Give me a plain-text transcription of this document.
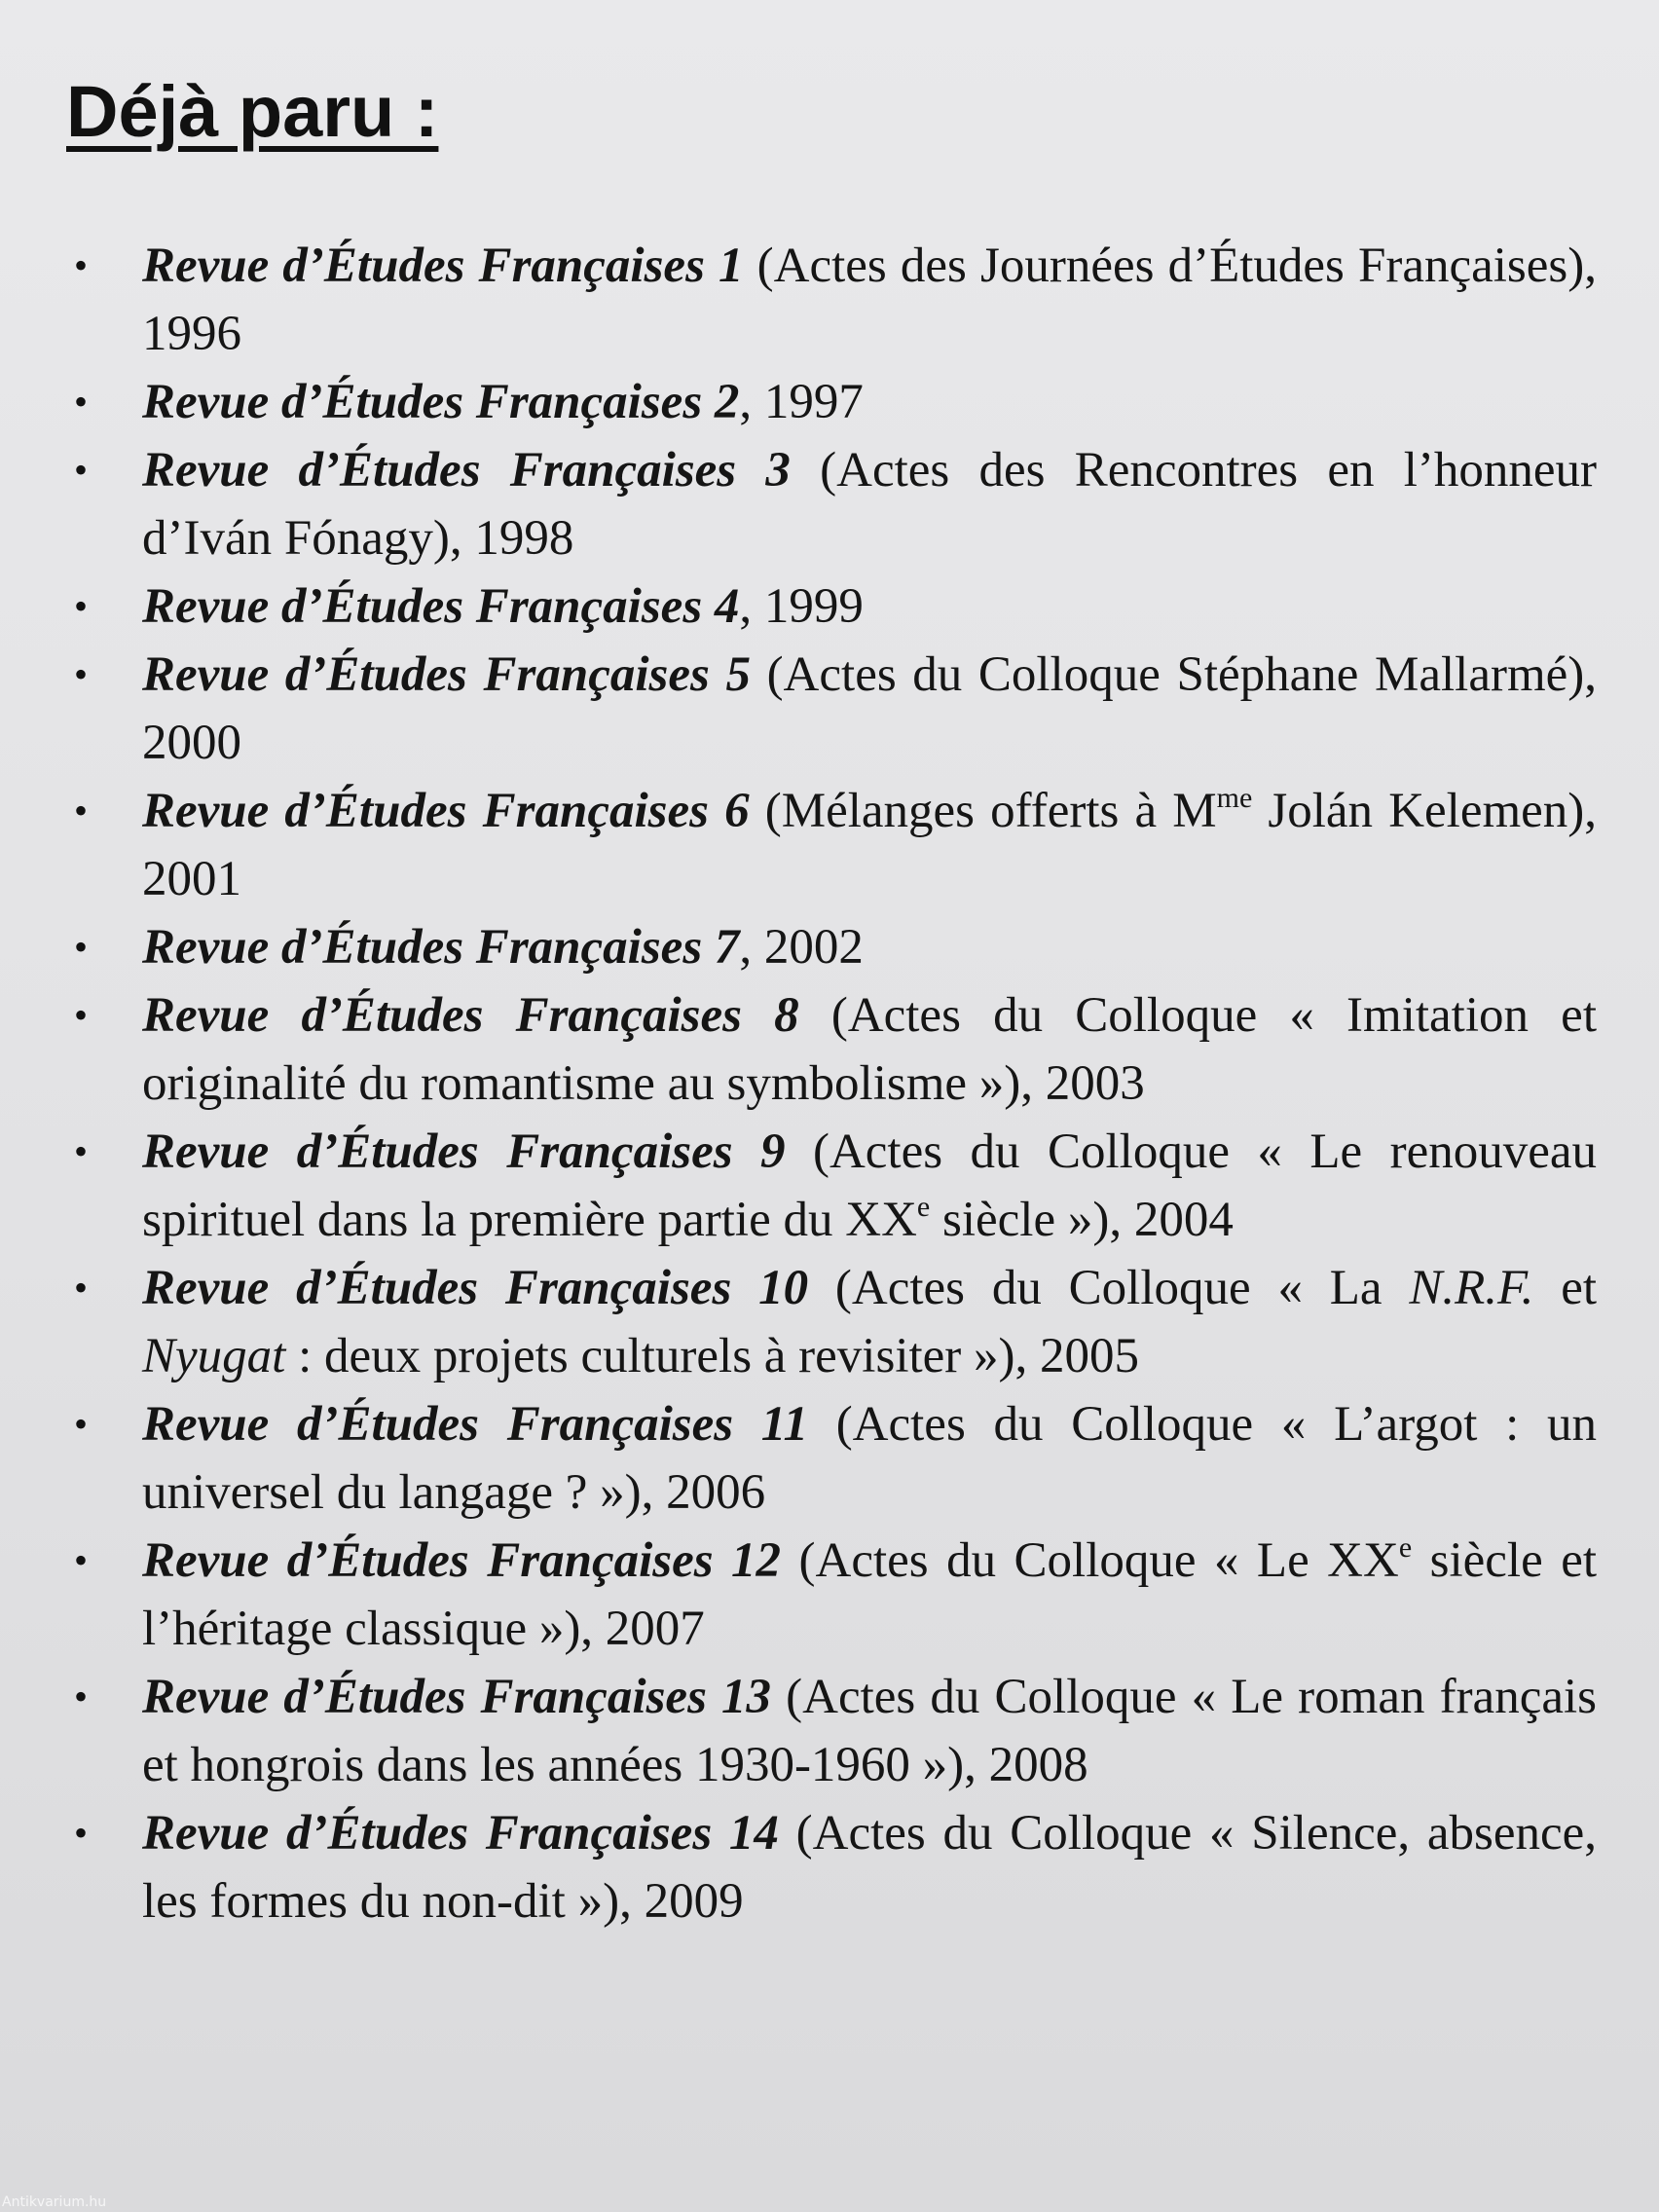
Déjà paru :
• Revue d’Études Françaises 1 (Actes des Journées d’Études Françaises), 1996
• Revue d’Études Françaises 2, 1997
• Revue d’Études Françaises 3 (Actes des Rencontres en l’honneur d’Iván Fónagy), 1998
• Revue d’Études Françaises 4, 1999
• Revue d’Études Françaises 5 (Actes du Colloque Stéphane Mallarmé), 2000
• Revue d’Études Françaises 6 (Mélanges offerts à $M^{me}$ Jolán Kelemen), 2001
• Revue d’Études Françaises 7, 2002
• Revue d’Études Françaises 8 (Actes du Colloque « Imitation et originalité du romantisme au symbolisme »), 2003
• Revue d’Études Françaises 9 (Actes du Colloque « Le renouveau spirituel dans la première partie du XXe siècle »), 2004
• Revue d’Études Françaises 10 (Actes du Colloque « La N.R.F. et Nyugat : deux projets culturels à revisiter »), 2005
• Revue d’Études Françaises 11 (Actes du Colloque « L’argot : un universel du langage ? »), 2006
• Revue d’Études Françaises 12 (Actes du Colloque « Le XXe siècle et l’héritage classique »), 2007
• Revue d’Études Françaises 13 (Actes du Colloque « Le roman français et hongrois dans les années 1930-1960 »), 2008
• Revue d’Études Françaises 14 (Actes du Colloque « Silence, absence, les formes du non-dit »), 2009
Antikvarium.hu
